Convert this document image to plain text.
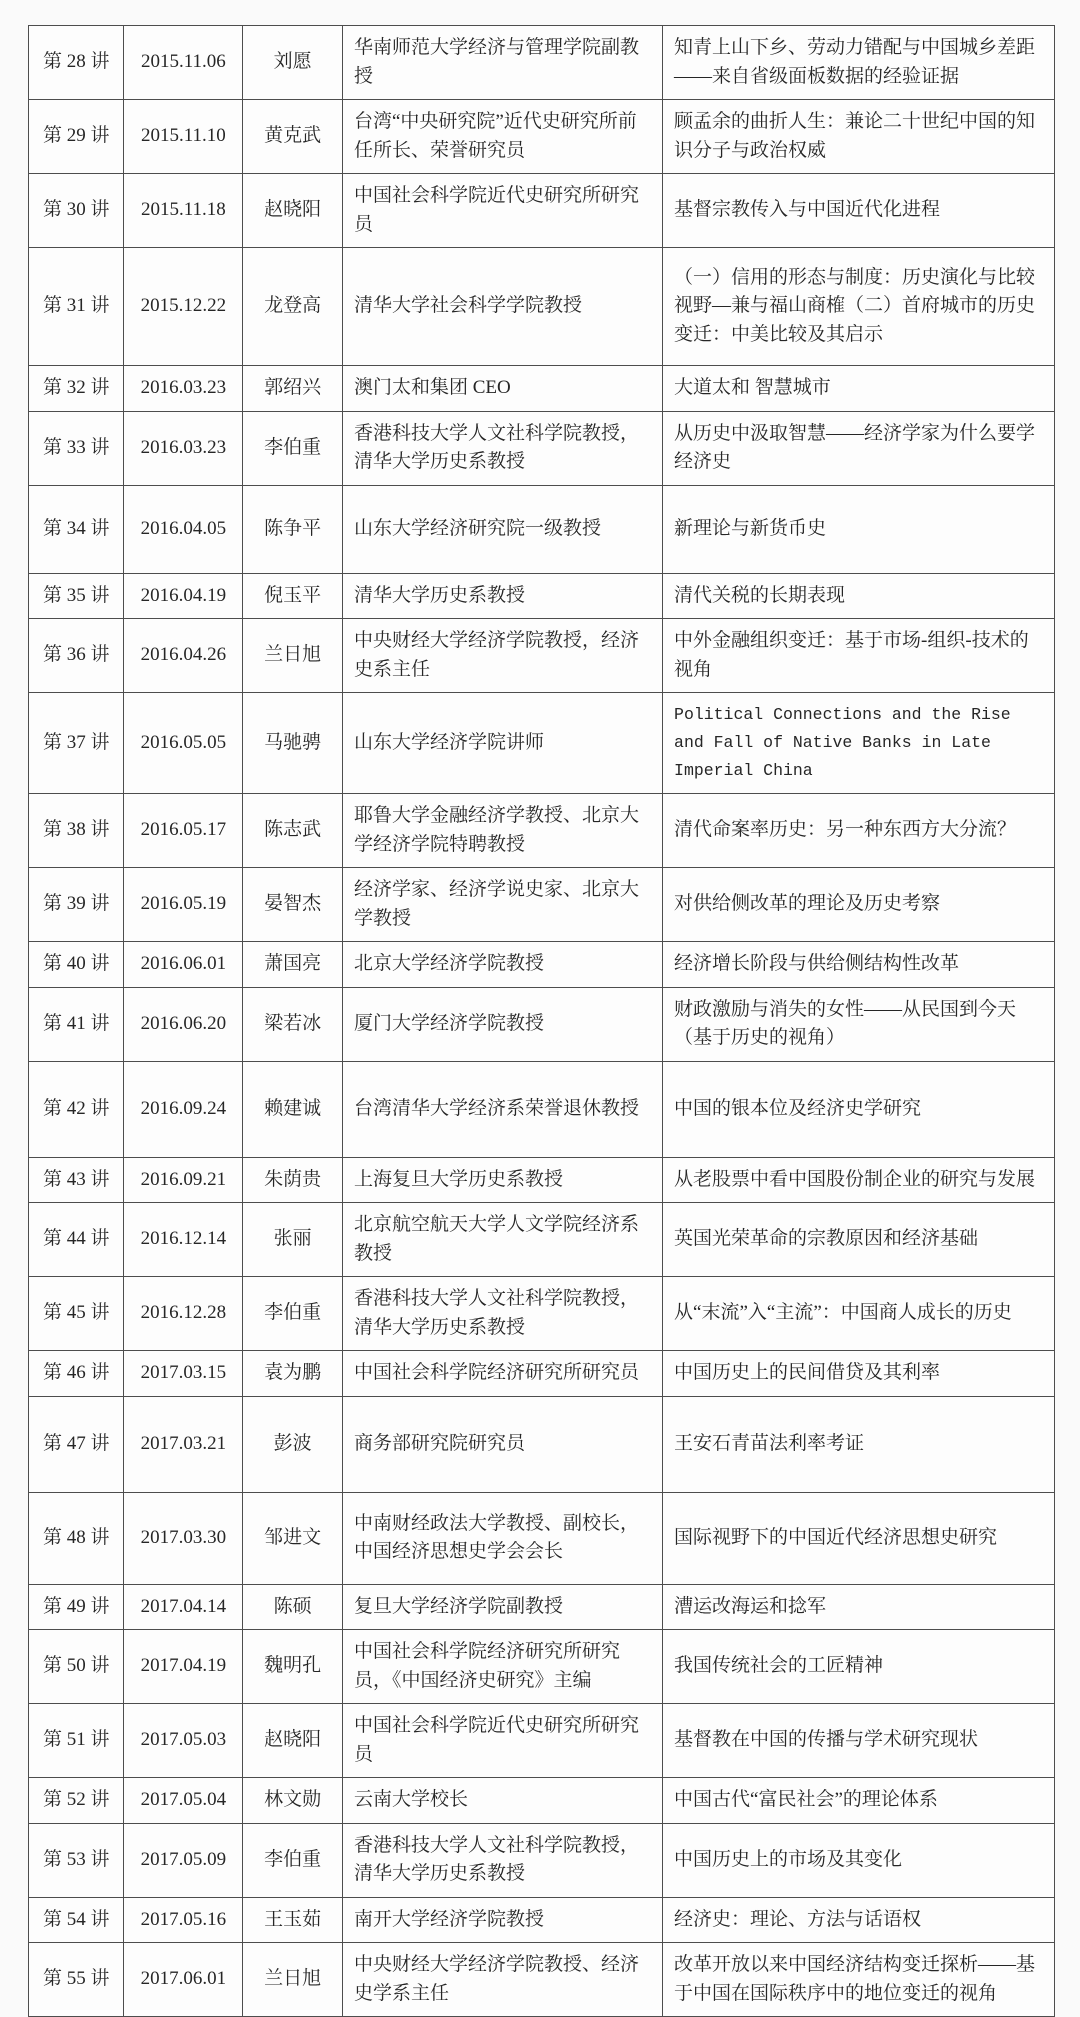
第 28 讲	2015.11.06	刘愿	华南师范大学经济与管理学院副教授	知青上山下乡、劳动力错配与中国城乡差距——来自省级面板数据的经验证据
第 29 讲	2015.11.10	黄克武	台湾“中央研究院”近代史研究所前任所长、荣誉研究员	顾孟余的曲折人生：兼论二十世纪中国的知识分子与政治权威
第 30 讲	2015.11.18	赵晓阳	中国社会科学院近代史研究所研究员	基督宗教传入与中国近代化进程
第 31 讲	2015.12.22	龙登高	清华大学社会科学学院教授	（一）信用的形态与制度：历史演化与比较视野—兼与福山商榷（二）首府城市的历史变迁：中美比较及其启示
第 32 讲	2016.03.23	郭绍兴	澳门太和集团 CEO	大道太和 智慧城市
第 33 讲	2016.03.23	李伯重	香港科技大学人文社科学院教授，清华大学历史系教授	从历史中汲取智慧——经济学家为什么要学经济史
第 34 讲	2016.04.05	陈争平	山东大学经济研究院一级教授	新理论与新货币史
第 35 讲	2016.04.19	倪玉平	清华大学历史系教授	清代关税的长期表现
第 36 讲	2016.04.26	兰日旭	中央财经大学经济学院教授，经济史系主任	中外金融组织变迁：基于市场-组织-技术的视角
第 37 讲	2016.05.05	马驰骋	山东大学经济学院讲师	Political Connections and the Rise and Fall of Native Banks in Late Imperial China
第 38 讲	2016.05.17	陈志武	耶鲁大学金融经济学教授、北京大学经济学院特聘教授	清代命案率历史：另一种东西方大分流？
第 39 讲	2016.05.19	晏智杰	经济学家、经济学说史家、北京大学教授	对供给侧改革的理论及历史考察
第 40 讲	2016.06.01	萧国亮	北京大学经济学院教授	经济增长阶段与供给侧结构性改革
第 41 讲	2016.06.20	梁若冰	厦门大学经济学院教授	财政激励与消失的女性——从民国到今天（基于历史的视角）
第 42 讲	2016.09.24	赖建诚	台湾清华大学经济系荣誉退休教授	中国的银本位及经济史学研究
第 43 讲	2016.09.21	朱荫贵	上海复旦大学历史系教授	从老股票中看中国股份制企业的研究与发展
第 44 讲	2016.12.14	张丽	北京航空航天大学人文学院经济系教授	英国光荣革命的宗教原因和经济基础
第 45 讲	2016.12.28	李伯重	香港科技大学人文社科学院教授，清华大学历史系教授	从“末流”入“主流”：中国商人成长的历史
第 46 讲	2017.03.15	袁为鹏	中国社会科学院经济研究所研究员	中国历史上的民间借贷及其利率
第 47 讲	2017.03.21	彭波	商务部研究院研究员	王安石青苗法利率考证
第 48 讲	2017.03.30	邹进文	中南财经政法大学教授、副校长，中国经济思想史学会会长	国际视野下的中国近代经济思想史研究
第 49 讲	2017.04.14	陈硕	复旦大学经济学院副教授	漕运改海运和捻军
第 50 讲	2017.04.19	魏明孔	中国社会科学院经济研究所研究员，《中国经济史研究》主编	我国传统社会的工匠精神
第 51 讲	2017.05.03	赵晓阳	中国社会科学院近代史研究所研究员	基督教在中国的传播与学术研究现状
第 52 讲	2017.05.04	林文勋	云南大学校长	中国古代“富民社会”的理论体系
第 53 讲	2017.05.09	李伯重	香港科技大学人文社科学院教授，清华大学历史系教授	中国历史上的市场及其变化
第 54 讲	2017.05.16	王玉茹	南开大学经济学院教授	经济史：理论、方法与话语权
第 55 讲	2017.06.01	兰日旭	中央财经大学经济学院教授、经济史学系主任	改革开放以来中国经济结构变迁探析——基于中国在国际秩序中的地位变迁的视角
